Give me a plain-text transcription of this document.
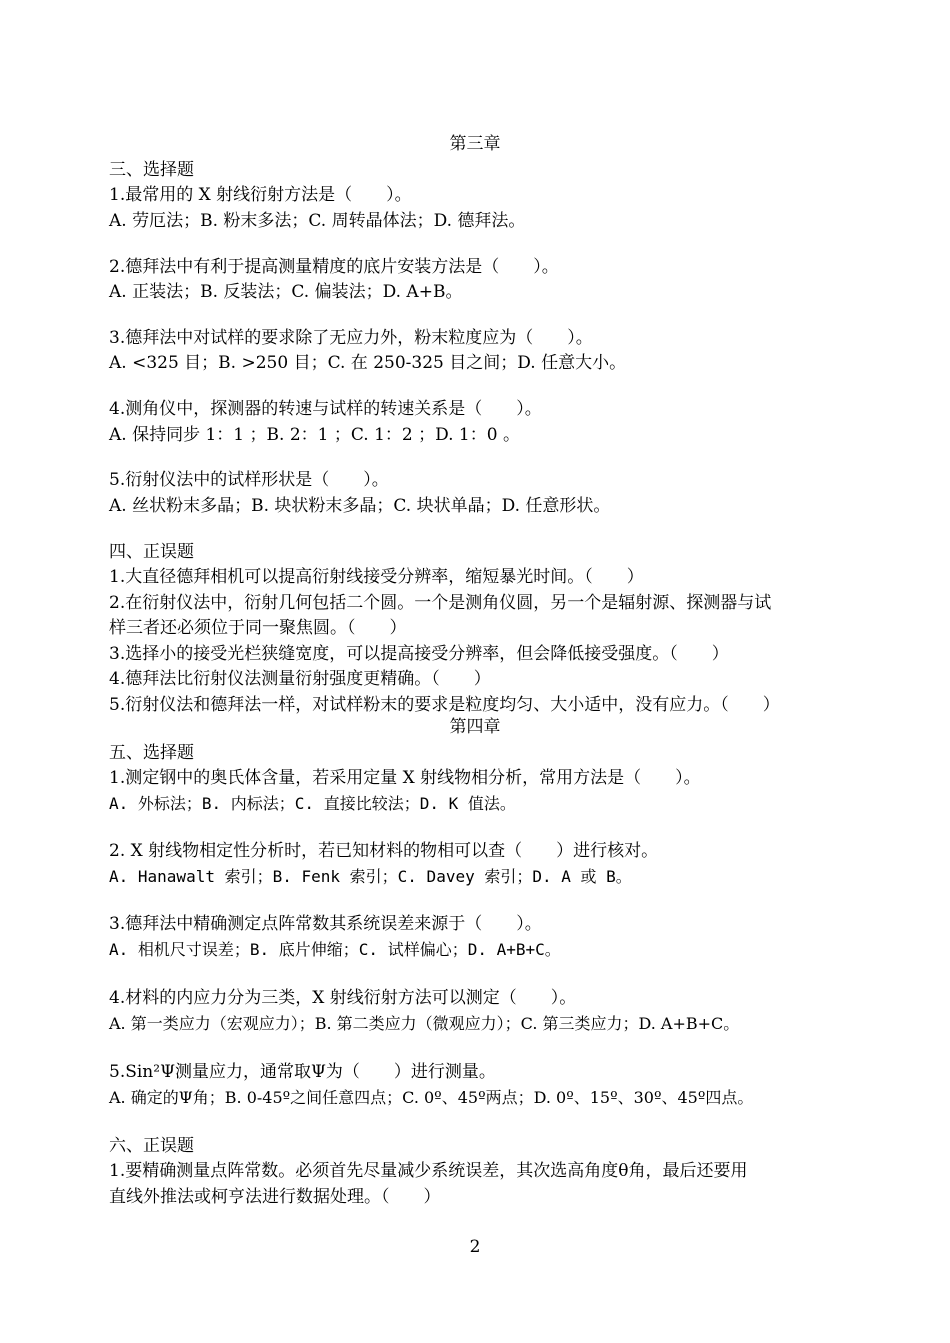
第三章
三、选择题
1.最常用的 X 射线衍射方法是（　　）。
A. 劳厄法；B. 粉末多法；C. 周转晶体法；D. 德拜法。
2.德拜法中有利于提高测量精度的底片安装方法是（　　）。
A. 正装法；B. 反装法；C. 偏装法；D. A+B。
3.德拜法中对试样的要求除了无应力外，粉末粒度应为（　　）。
A. <325 目；B. >250 目；C. 在 250-325 目之间；D. 任意大小。
4.测角仪中，探测器的转速与试样的转速关系是（　　）。
A. 保持同步 1：1 ；B. 2：1 ；C. 1：2 ；D. 1：0 。
5.衍射仪法中的试样形状是（　　）。
A. 丝状粉末多晶；B. 块状粉末多晶；C. 块状单晶；D. 任意形状。
四、正误题
1.大直径德拜相机可以提高衍射线接受分辨率，缩短暴光时间。（　　）
2.在衍射仪法中，衍射几何包括二个圆。一个是测角仪圆，另一个是辐射源、探测器与试
样三者还必须位于同一聚焦圆。（　　）
3.选择小的接受光栏狭缝宽度，可以提高接受分辨率，但会降低接受强度。（　　）
4.德拜法比衍射仪法测量衍射强度更精确。（　　）
5.衍射仪法和德拜法一样，对试样粉末的要求是粒度均匀、大小适中，没有应力。（　　）
第四章
五、选择题
1.测定钢中的奥氏体含量，若采用定量 X 射线物相分析，常用方法是（　　）。
A. 外标法；B. 内标法；C. 直接比较法；D. K 值法。
2. X 射线物相定性分析时，若已知材料的物相可以查（　　）进行核对。
A. Hanawalt 索引；B. Fenk 索引；C. Davey 索引；D. A 或 B。
3.德拜法中精确测定点阵常数其系统误差来源于（　　）。
A. 相机尺寸误差；B. 底片伸缩；C. 试样偏心；D. A+B+C。
4.材料的内应力分为三类，X 射线衍射方法可以测定（　　）。
A. 第一类应力（宏观应力）；B. 第二类应力（微观应力）；C. 第三类应力；D. A+B+C。
5.Sin²Ψ测量应力，通常取Ψ为（　　）进行测量。
A. 确定的Ψ角；B. 0-45º之间任意四点；C. 0º、45º两点；D. 0º、15º、30º、45º四点。
六、正误题
1.要精确测量点阵常数。必须首先尽量减少系统误差，其次选高角度θ角，最后还要用
直线外推法或柯亨法进行数据处理。（　　）
2
